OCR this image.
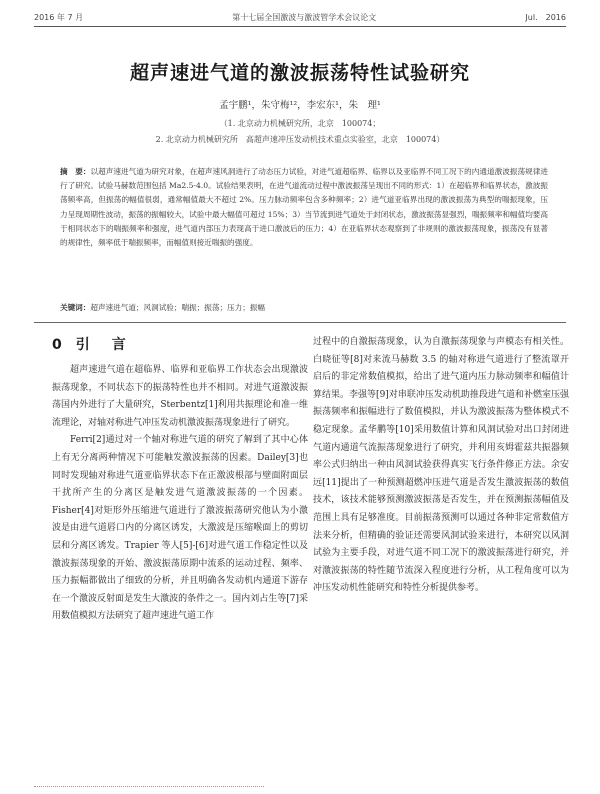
2016 年 7 月	第十七届全国激波与激波管学术会议论文	Jul． 2016
超声速进气道的激波振荡特性试验研究
孟宇鹏¹，朱守梅¹²，李宏东¹，朱　理¹
（1. 北京动力机械研究所，北京　100074；
2. 北京动力机械研究所　高超声速冲压发动机技术重点实验室，北京　100074）
摘　要：以超声速进气道为研究对象，在超声速风洞进行了动态压力试验，对进气道超临界、临界以及亚临界不同工况下的内通道激波振荡规律进行了研究。试验马赫数范围包括 Ma2.5-4.0。试验结果表明，在进气道流动过程中激波振荡呈现出不同的形式：1）在超临界和临界状态，激波振荡频率高，但振荡的幅值很弱，通常幅值最大不超过 2%。压力脉动频率包含多种频率；2）进气道亚临界出现的激波振荡为典型的喘振现象，压力呈现周期性波动，振荡的振幅较大，试验中最大幅值可超过 15%；3）当节流到进气道处于封闭状态，激波振荡显强烈，喘振频率和幅值均要高于相同状态下的喘振频率和强度，进气道内部压力表现高于进口激波后的压力；4）在亚临界状态观察到了非规则的激波振荡现象，振荡没有显著的规律性，频率低于喘振频率，而幅值则接近喘振的强度。
关键词：超声速进气道；风洞试验；喘振；振荡；压力；振幅
0 引　言

超声速进气道在超临界、临界和亚临界工作状态会出现激波振荡现象，不同状态下的振荡特性也并不相同。对进气道激波振荡国内外进行了大量研究，Sterbentz[1]利用共振理论和准一维流理论，对轴对称进气冲压发动机激波振荡现象进行了研究。

Ferri[2]通过对一个轴对称进气道的研究了解到了其中心体上有无分离两种情况下可能触发激波振荡的因素。Dailey[3]也同时发现轴对称进气道亚临界状态下在正激波根部与壁面附面层干扰所产生的分离区是触发进气道激波振荡的一个因素。Fisher[4]对矩形外压缩进气道进行了激波振荡研究他认为小激波是由进气道唇口内的分离区诱发，大激波是压缩喉面上的剪切层和分离区诱发。Trapier 等人[5]-[6]对进气道工作稳定性以及激波振荡现象的开始、激波振荡原期中流系的运动过程、频率、压力振幅都做出了细致的分析，并且明确各发动机内通道下游存在一个激波反射面是发生大激波的条件之一。国内刘占生等[7]采用数值模拟方法研究了超声速进气道工作

过程中的自激振荡现象，认为自激振荡现象与声模态有相关性。白晓征等[8]对来流马赫数 3.5 的轴对称进气道进行了整流罩开启后的非定常数值模拟，给出了进气道内压力脉动频率和幅值计算结果。李强等[9]对串联冲压发动机助推段进气道和补燃室压强振荡频率和振幅进行了数值模拟，并认为激波振荡为整体模式不稳定现象。孟华鹏等[10]采用数值计算和风洞试验对出口封闭进气道内通道气流振荡现象进行了研究，并利用亥姆霍兹共振器频率公式归纳出一种由风洞试验获得真实飞行条件修正方法。余安远[11]提出了一种预测超燃冲压进气道是否发生激波振荡的数值技术，该技术能够预测激波振荡是否发生，并在预测振荡幅值及范围上具有足够准度。目前振荡预测可以通过各种非定常数值方法来分析，但精确的验证还需要风洞试验来进行，本研究以风洞试验为主要手段，对进气道不同工况下的激波振荡进行研究，并对激波振荡的特性随节流深入程度进行分析，从工程角度可以为冲压发动机性能研究和特性分析提供参考。
